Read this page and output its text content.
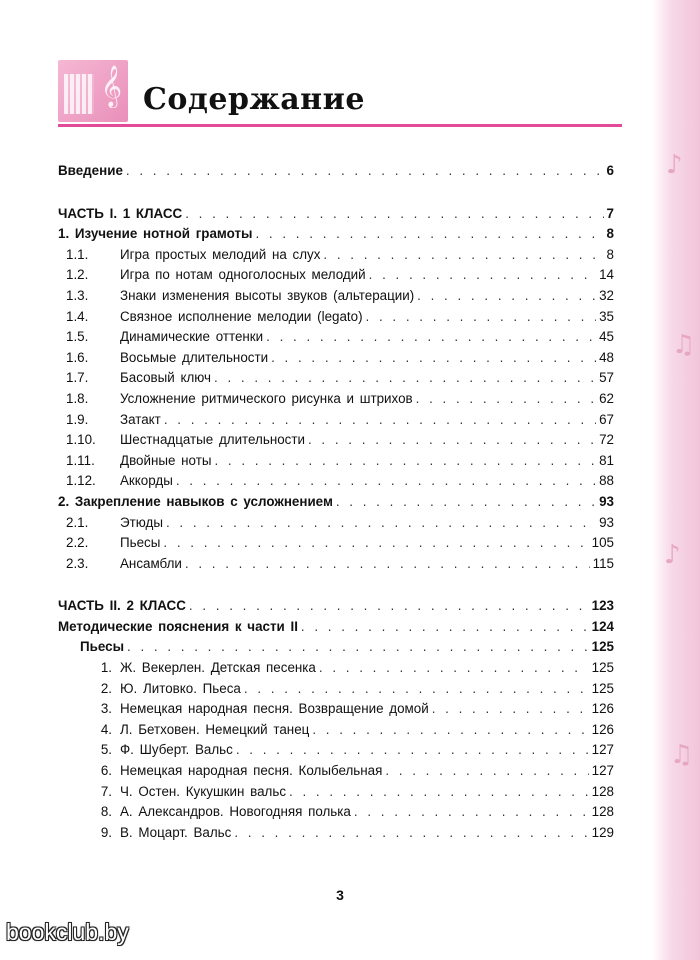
♪
♫
♪
♫
𝄞 Содержание
Введение . . .	6
ЧАСТЬ I. 1 КЛАСС . . .	7
1. Изучение нотной грамоты . . .	8
1.1. Игра простых мелодий на слух . . .	8
1.2. Игра по нотам одноголосных мелодий . . .	14
1.3. Знаки изменения высоты звуков (альтерации) . . .	32
1.4. Связное исполнение мелодии (legato) . . .	35
1.5. Динамические оттенки . . .	45
1.6. Восьмые длительности . . .	48
1.7. Басовый ключ . . .	57
1.8. Усложнение ритмического рисунка и штрихов . . .	62
1.9. Затакт . . .	67
1.10. Шестнадцатые длительности . . .	72
1.11. Двойные ноты . . .	81
1.12. Аккорды . . .	88
2. Закрепление навыков с усложнением . . .	93
2.1. Этюды . . .	93
2.2. Пьесы . . .	105
2.3. Ансамбли . . .	115
ЧАСТЬ II. 2 КЛАСС . . .	123
Методические пояснения к части II . . .	124
Пьесы . . .	125
1. Ж. Векерлен. Детская песенка . . .	125
2. Ю. Литовко. Пьеса . . .	125
3. Немецкая народная песня. Возвращение домой . . .	126
4. Л. Бетховен. Немецкий танец . . .	126
5. Ф. Шуберт. Вальс . . .	127
6. Немецкая народная песня. Колыбельная . . .	127
7. Ч. Остен. Кукушкин вальс . . .	128
8. А. Александров. Новогодняя полька . . .	128
9. В. Моцарт. Вальс . . .	129
3
bookclub.by
